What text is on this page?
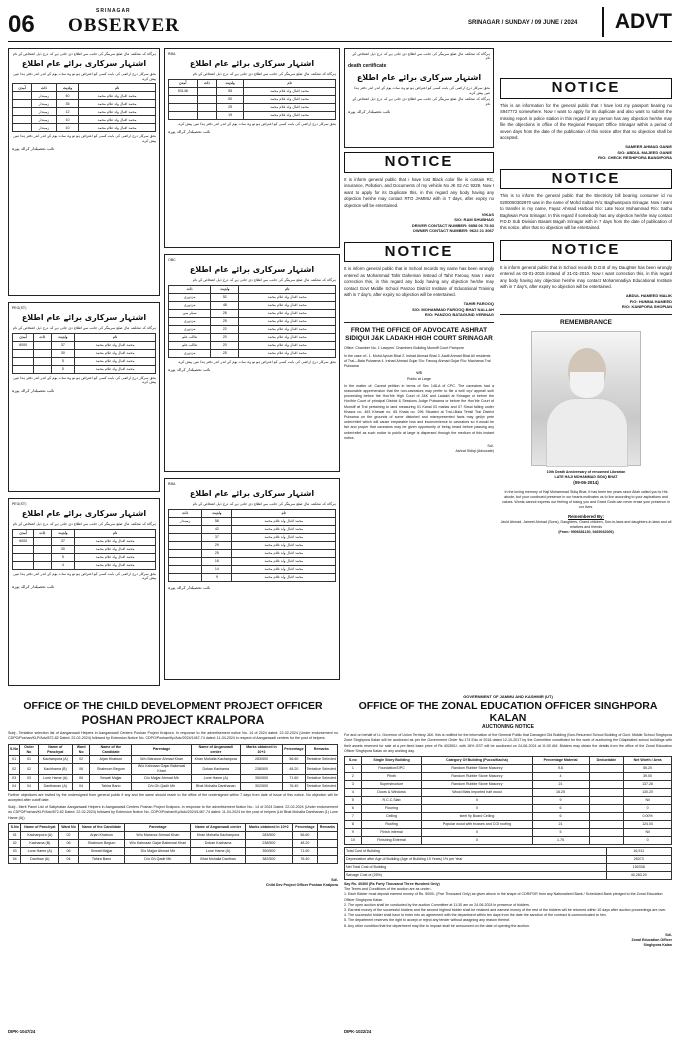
06	SRINAGAR
OBSERVER	SRINAGAR / SUNDAY / 09 JUNE / 2024	ADVT
ہرگاہ کہ محکمہ مال ضلع سرینگر کی جانب سے اطلاع دی جاتی ہے کہ درج ذیل اشخاص کے نام
اشتہار سرکاری برائے عام اطلاع
بحق سرکار درج اراضی کی بابت کسی کو اعتراض ہو تو وہ سات یوم کے اندر اندر دفتر ہذا میں پیش کرے
آمدن	ذات	ولدیت	نام
	زمیندار	40	محمد اقبال ولد غلام محمد
	زمیندار	35	محمد اقبال ولد غلام محمد
	زمیندار	12	محمد اقبال ولد غلام محمد
	زمیندار	10	محمد اقبال ولد غلام محمد
	زمیندار	10	محمد اقبال ولد غلام محمد
بحق سرکار درج اراضی کی بابت کسی کو اعتراض ہو تو وہ سات یوم کے اندر اندر دفتر ہذا میں پیش کرے
نائب تحصیلدار کرالہ پورہ
PEG(ST)
اشتہار سرکاری برائے عام اطلاع
ہرگاہ کہ محکمہ مال ضلع سرینگر کی جانب سے اطلاع دی جاتی ہے کہ درج ذیل اشخاص کے نام
آمدن	ذات	ولدیت	نام
6000		37	محمد اقبال ولد غلام محمد
		30	محمد اقبال ولد غلام محمد
		5	محمد اقبال ولد غلام محمد
		5	محمد اقبال ولد غلام محمد
بحق سرکار درج اراضی کی بابت کسی کو اعتراض ہو تو وہ سات یوم کے اندر اندر دفتر ہذا میں پیش کرے
نائب تحصیلدار کرالہ پورہ
PEG(ST)
اشتہار سرکاری برائے عام اطلاع
ہرگاہ کہ محکمہ مال ضلع سرینگر کی جانب سے اطلاع دی جاتی ہے کہ درج ذیل اشخاص کے نام
آمدن	ذات	ولدیت	نام
6000		37	محمد اقبال ولد غلام محمد
		30	محمد اقبال ولد غلام محمد
		5	محمد اقبال ولد غلام محمد
		4	محمد اقبال ولد غلام محمد
بحق سرکار درج اراضی کی بابت کسی کو اعتراض ہو تو وہ سات یوم کے اندر اندر دفتر ہذا میں پیش کرے
نائب تحصیلدار کرالہ پورہ
RBA
اشتہار سرکاری برائے عام اطلاع
ہرگاہ کہ محکمہ مال ضلع سرینگر کی جانب سے اطلاع دی جاتی ہے کہ درج ذیل اشخاص کے نام
آمدن	ذات	ولدیت	نام
53148		55	محمد اقبال ولد غلام محمد
		50	محمد اقبال ولد غلام محمد
		25	محمد اقبال ولد غلام محمد
		19	محمد اقبال ولد غلام محمد
بحق سرکار درج اراضی کی بابت کسی کو اعتراض ہو تو وہ سات یوم کے اندر اندر دفتر ہذا میں پیش کرے
نائب تحصیلدار کرالہ پورہ
OBC
اشتہار سرکاری برائے عام اطلاع
ہرگاہ کہ محکمہ مال ضلع سرینگر کی جانب سے اطلاع دی جاتی ہے کہ درج ذیل اشخاص کے نام
ذات	ولدیت	نام
مزدوری	52	محمد اقبال ولد غلام محمد
مزدوری	48	محمد اقبال ولد غلام محمد
سیلز مین	28	محمد اقبال ولد غلام محمد
مزدوری	25	محمد اقبال ولد غلام محمد
مزدوری	22	محمد اقبال ولد غلام محمد
طالب علم	20	محمد اقبال ولد غلام محمد
طالب علم	20	محمد اقبال ولد غلام محمد
مزدوری	25	محمد اقبال ولد غلام محمد
بحق سرکار درج اراضی کی بابت کسی کو اعتراض ہو تو وہ سات یوم کے اندر اندر دفتر ہذا میں پیش کرے
نائب تحصیلدار کرالہ پورہ
RBA
اشتہار سرکاری برائے عام اطلاع
ہرگاہ کہ محکمہ مال ضلع سرینگر کی جانب سے اطلاع دی جاتی ہے کہ درج ذیل اشخاص کے نام
ذات	ولدیت	نام
زمیندار	58	محمد اقبال ولد غلام محمد
	42	محمد اقبال ولد غلام محمد
	37	محمد اقبال ولد غلام محمد
	29	محمد اقبال ولد غلام محمد
	25	محمد اقبال ولد غلام محمد
	16	محمد اقبال ولد غلام محمد
	14	محمد اقبال ولد غلام محمد
	9	محمد اقبال ولد غلام محمد
نائب تحصیلدار کرالہ پورہ
ہرگاہ کہ محکمہ مال ضلع سرینگر کی جانب سے اطلاع دی جاتی ہے کہ درج ذیل اشخاص کے نام
death certificate
اشتہار سرکاری برائے عام اطلاع
بحق سرکار درج اراضی کی بابت کسی کو اعتراض ہو تو وہ سات یوم کے اندر اندر دفتر ہذا میں پیش کرے
ہرگاہ کہ محکمہ مال ضلع سرینگر کی جانب سے اطلاع دی جاتی ہے کہ درج ذیل اشخاص کے نام
نائب تحصیلدار کرالہ پورہ
NOTICE
It is inform general public that i have lost Black color file is contain RC, insurance, Pollution, and Documents of my vehicle No JK 02 AC 9229. Now I want to apply for its Duplicate this, in this regard any body having any objection he/she may contact RTO JAMMU with in 7 days, after expiry no objection will be entertained.
VIKAS
S/O: RAM SHUBHAG
DRIVER CONTACT NUMBER: 9858 06 75 83
OWNER CONTACT NUMBER: 9622 21 3067
NOTICE
It is inform general public that in School records my name has been wrongly entered as Mohammad Tahir Daheman instead of Tahir Farooq. Now I want correction this, in this regard any body having any objection he/she may contact Govt Middle School Panzoo District Institute of Educational Training with in 7 day's, after expiry no objection will be entertained.
TAHIR FAROOQ
S/O: MOHAMMAD FAROOQ BHAT NALLAH
R/O: PANZOO BATAGUND VERINAG
FROM THE OFFICE OF ADVOCATE ASHRAT SIDIQUI J&K LADAKH HIGH COURT SRINAGAR
Office: Chamber No. 1 Lawyers' Chambers Building Munsiff Court Pampore
In the case of:- 1. Mohd Ayoub Bhat 2. Irshad Ahmad Bhat 3. Aadil Ahmad Bhat All residents of Tral—Bala Pulwama 4. Irshad Ahmad Gujar S/o: Farooq Ahmad Gujar R/o: Machama Tral Pulwama
V/S
Public at Large
In the matter of: Caveat petition in terms of Sec 148-A of CPC. The caveators had a reasonable apprehension that the non-caveators may prefer to file a writ/ crp/ appeal/ suit/ proceeding before the Hon'ble High Court of J&K and Ladakh at Srinagar or before the Hon'ble Court of principal District & Sessions Judge Pulwama or before the Hon'ble Court of Munsiff at Tral pertaining to land measuring 01 Kanal 03 marlas and 07 Sirsai falling under Khasra no. 463 Khewat no. 65 Khata no. 296 Situated at Tral-i-Bala Tehsil Tral District Pulwama on the grounds of some distorted and misrepresented facts may get/pr pete order/relief which will cause irreparable loss and inconvenience to caveators so it would be fair and proper that caveators may be given opportunity of being heard before passing any order/relief as such notice to public at large is dispersed through the medium of this instant notice.
Sd/-
Ashrat Sidiqi (Advocate)
NOTICE
This is an information for the general public that I have lost my passport bearing no S947772 somewhere. Now I want to apply for its duplicate and also want to submit the missing report in police station in this regard if any person has any objection he/she may file the objections in office of the Regional Passport Office Srinagar within a period of seven days from the date of the publication of this notice after that no objection shall be accepted.
SAMEER AHMAD GANIE
S/O: ABDUL MAJEED GANIE
R/O: CHECK RESHIPORA BANDIPORA
NOTICE
This is to inform the general public that the Electricity bill bearing consumer id no 0200050302970 was in the name of Mohd Sultan R/o: Baghwanpora Srinagar. Now I want to transfer in my name, Fayaz Ahmad Harbool S/o: Late Noor Mohammad R/o: Sathu Baghwan Pora Srinagar. In this regard if somebody has any objection he/she may contact P.D.D Sub Division Basant Bagah Srinagar with in 7 days from the date of publication of this notice, after that no objection will be entertained.
NOTICE
It is inform general public that in School records D.O.B of my Daughter has been wrongly entered as 03-01-2015 instead of 21-01-2010. Now I want correction this, in this regard any body having any objection he/she may contact Mohammadiya Educational Institute with in 7 day's, after expiry no objection will be entertained.
ABDUL HAMEED MALIK
F/O: HUMNA HAMEED
R/O: KANIPORA SHOPIAN
REMEMBRANCE
10th Death Anniversary of renowned Librarian
LATE HAJI MOHAMMAD SIDIQ BHAT
(09-06-2014)
In the loving memory of Haji Mohammad Sidiq Bhat. It has been ten years since Allah called you to His abode, but your continued presence in our hearts motivates us to live according to your aspirations and values. Words cannot express our feeling of losing you and Grant Gods can never erase your presence in our lives.
Remembered By:
Javid Ahmad, Jameel Ahmad (Sons), Daughters, Grand children, Son-in-laws and daughters-in-laws and all relatives and friends
(From: 9906681130, 9469032006)
OFFICE OF THE CHILD DEVELOPMENT PROJECT OFFICER
POSHAN PROJECT KRALPORA
Subj:- Tentative selection list of Aanganwadi Helpers in Aanganwadi Centers Poshan Project Kralpora. In response to the advertisement notice No. 14 of 2024 dated: 22-02-2024 (Under endorsement no CDPO/Poshan/KLP/Adv/872-82 Dated: 22-02-2024) followed by Extension Notice No. CDPO/Poshan/Kp/Adv/2024/1467-74 dated: 11-04-2024 in respect of Aanganwadi centers for the post of helpers.
S.No	Order No	Name of Panchyat	Ward No	Name of the Candidate	Parentage	Name of Anganwadi center	Marks obtained in 10+2	Percentage	Remarks
01	01	Kachanpora (A)	02	Arjan Khatoon	W/o Manzoor Ahmad Khan	Khan Mohalla Kachanpora	283/500	56.60	Tentative Selected
02	02	Kachhama (B)	06	Shabnum Begum	W/o Kahnaan Gajar Bakerwal Khari	Dokan Kachama	238/500	48.20	Tentative Selected
03	03	Lone Hame (A)	06	Sewati Majjar	D/o Majjar Ahmad Mir	Lone Hame (A)	350/500	71.60	Tentative Selected
04	04	Danthanan (A)	04	Tahira Bano	D/o Gh Qadir Mir	Bhat Mohalla Danthanan	302/500	76.40	Tentative Selected
Further objections are invited by the undersigned from general public if any and the same should reach to the office of the undersigned within 7 days from date of issue of this notice. No objection will be accepted after cutoff date.
Subj:- Merit Panel List of Satiphatan Aanganwadi Helpers in Aanganwadi Centers Poshan Project Kralpora. In response to the advertisement Notice No.: 14 of 2024 Dated: 22-02-2024 (Under endorsement no CDPO/Poshan/KLP/Adv/872-82 Dated: 22-02-2024) followed by Extension Notice No. CDPO/Poshan/Kp/Adv/2024/1467-74 dated: 11-04-2024 for the post of helpers (Lbl Bhat Mohalla Danthanan (1) Lone Hame (A))
S.No	Name of Panchyat	Ward No	Name of the Candidate	Parentage	Name of Anganwadi center	Marks obtained in 10+2	Percentage	Remarks
01	Kachanpora (A)	02	Arjan Khatoon	W/o Manzoor Ahmad Khan	Khan Mohalla Kachanpora	283/500	56.60	
02	Kachama (B)	06	Shabnum Begum	W/o Kahnaan Gajar Bakerwal Khari	Dokan Kachama	238/500	48.20	
03	Lone Hame (A)	06	Sewati Majjar	D/o Majjar Ahmad Mir	Lone Hame (A)	350/500	71.60	
04	Danthan (A)	04	Tahira Bano	D/o Gh Qadir Mir	Bhat Mohalla Danthan	382/500	76.40	
Sd/-
Child Dev Project Officer Poshan Kralpora
DIPK-1047/24
GOVERNMENT OF JAMMU AND KASHMIR (UT)
OFFICE OF THE ZONAL EDUCATION OFFICER SINGHPORA KALAN
AUCTIONING NOTICE
For and on behalf of Lt. Governor of Union Territory J&K. this is notified for the information of the General Public that Damaged Old Building (Non-Resumed School Building of Govt. Middle School Singhpora Zone Singhpora Kalan will be auctioned as per the Government Order No.174 Edu of 2018 dated 12-10-2017 by the Committee constituted for the work of auctioning the Dilapidated school buildings with their assets reserved for sale at a pre-fixed base price of Rs 402801/- with 18% GST will be auctioned on 24-06-2024 at 11:00 AM. Bidders may obtain the details from the office of the Zonal Education Officer Singhpora Kalan on any working day.
S.no	Single Story Building	Category Of Building (Pucca/Kacha)	Percentage Material	Deductable	Net Worth / Area
1	Foundation/DPC	Random Rubble Stone Masonry	9.6		55.20
2	Plinth	Random Rubble Stone Masonry	4		39.00
3	Superstructure	Random Rubble Stone Masonry	21		137.26
4	Doors & Windows	Wood Mats imported half wood	16.25		130.20
5	R.C.C.Slab	X	9		Nil
6	Flooring	X	6		0
7	Ceiling	steel fly Board Ceiling	6		0.00%
8	Roofing	Popular wood with trusses and CGI roofing	21		124.00
9	Finish internal	X	5		Nil
10	Finishing External	X	1.75		0
Total Cost of Building	16,911
Depreciation after Age of Building (Age of Building 19 Years) 1% per Year	26373
Net Total Cost of Building	150338
Salvage Cost of (25%)	40,283.20
Say Rs. 40300 (Rs Forty Thousand Three Hundred Only)
The Terms and Conditions of the auction are as under:-
1. Each Bidder must deposit earnest money of Rs. 5000/- (Five Thousand Only) as given above in the shape of CDR/FDR from any Nationalized Bank / Scheduled Bank pledged to the Zonal Education Officer Singhpora Kalan.
2. The open auction shall be conducted by the auction Committee at 11:30 am on 24-06-2024 in presence of bidders.
3. Earnest money of the successful bidders and the second highest bidder shall be retained and earnest money of the rest of the bidders will be returned within 10 days after auction proceedings are over.
4. The successful bidder shall have to enter into an agreement with the department within ten days from the date the sanction of the contract is communicated to him.
5. The department reserves the right to accept or reject any tender without assigning any reason thereof.
6. Any other condition that the department may like to impose shall be announced on the date of opening the auction.
Sd/-
Zonal Education Officer
Singhpora Kalan
DIPK-1022/24
